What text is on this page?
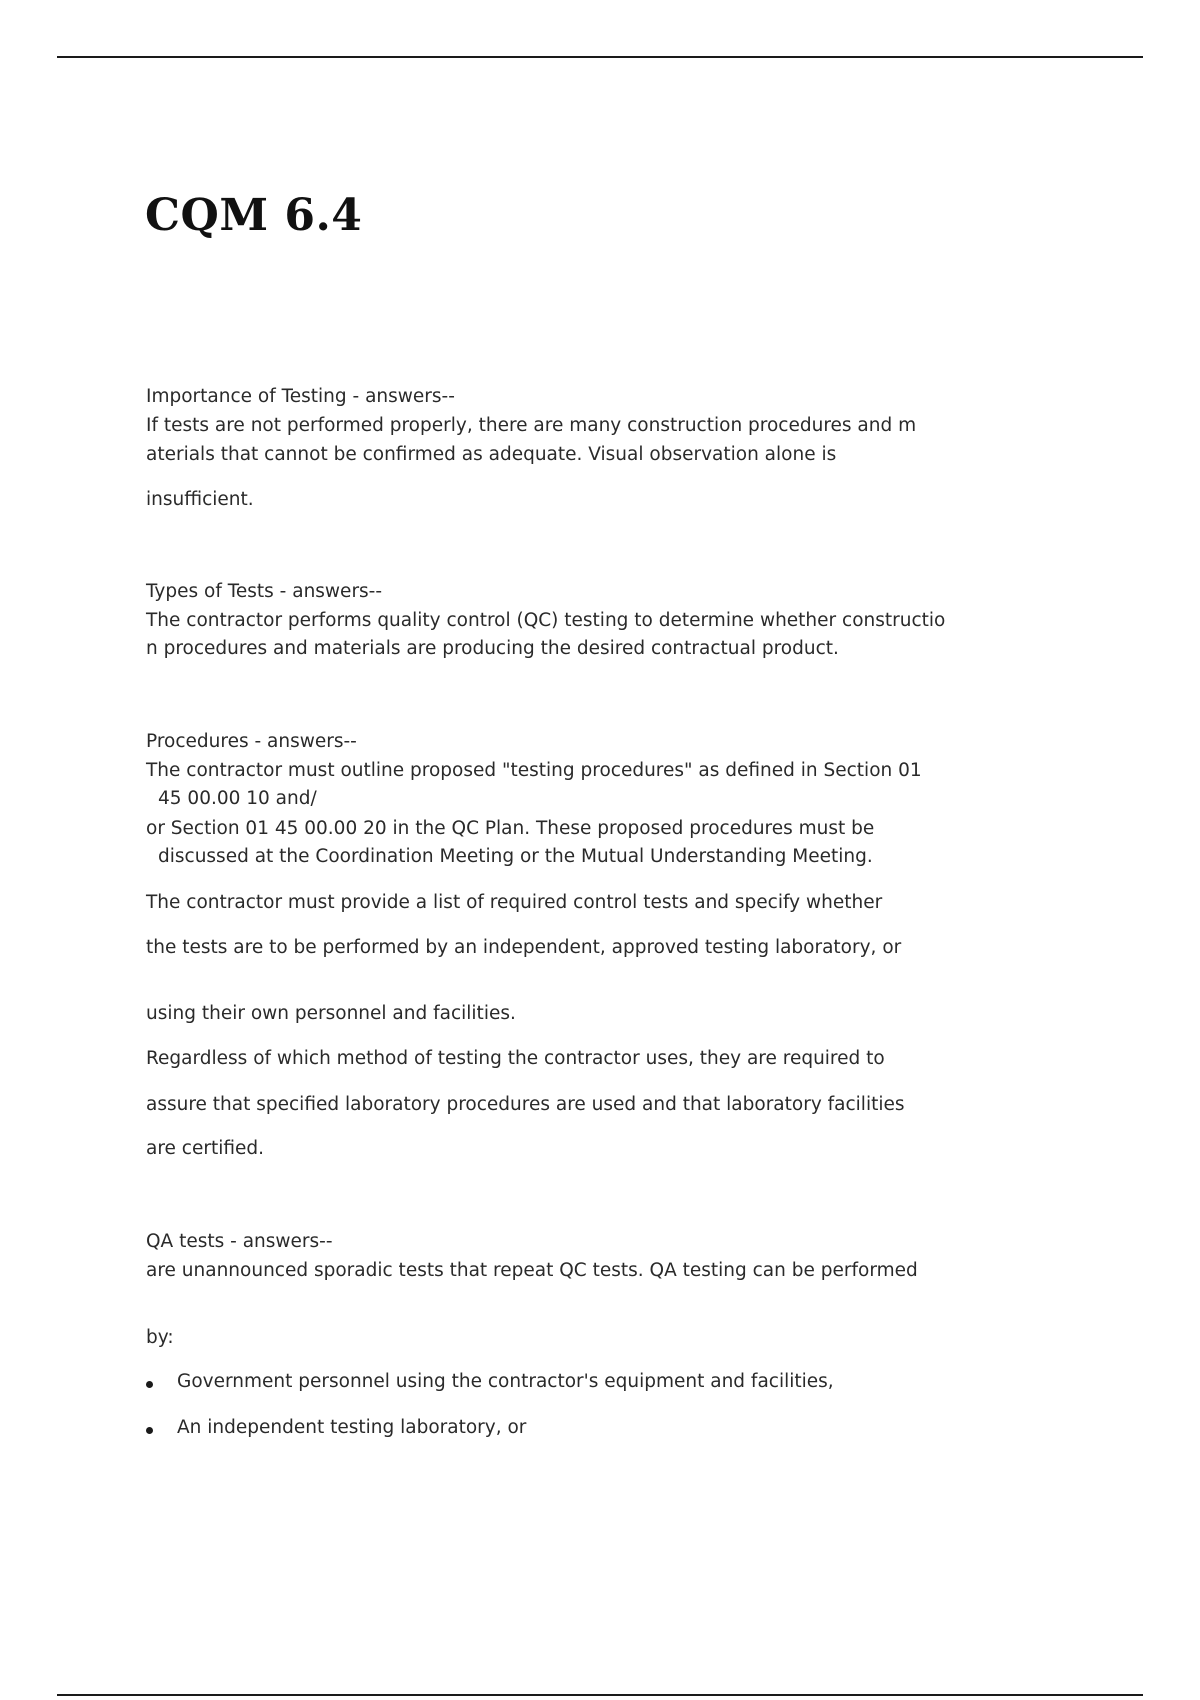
CQM 6.4

Importance of Testing - answers--

If tests are not performed properly, there are many construction procedures and m

aterials that cannot be confirmed as adequate. Visual observation alone is

insufficient.

Types of Tests - answers--

The contractor performs quality control (QC) testing to determine whether constructio

n procedures and materials are producing the desired contractual product.

Procedures - answers--

The contractor must outline proposed "testing procedures" as defined in Section 01

45 00.00 10 and/

or Section 01 45 00.00 20 in the QC Plan. These proposed procedures must be

discussed at the Coordination Meeting or the Mutual Understanding Meeting.

The contractor must provide a list of required control tests and specify whether

the tests are to be performed by an independent, approved testing laboratory, or

using their own personnel and facilities.

Regardless of which method of testing the contractor uses, they are required to

assure that specified laboratory procedures are used and that laboratory facilities

are certified.

QA tests - answers--

are unannounced sporadic tests that repeat QC tests. QA testing can be performed

by:

Government personnel using the contractor's equipment and facilities,

An independent testing laboratory, or
